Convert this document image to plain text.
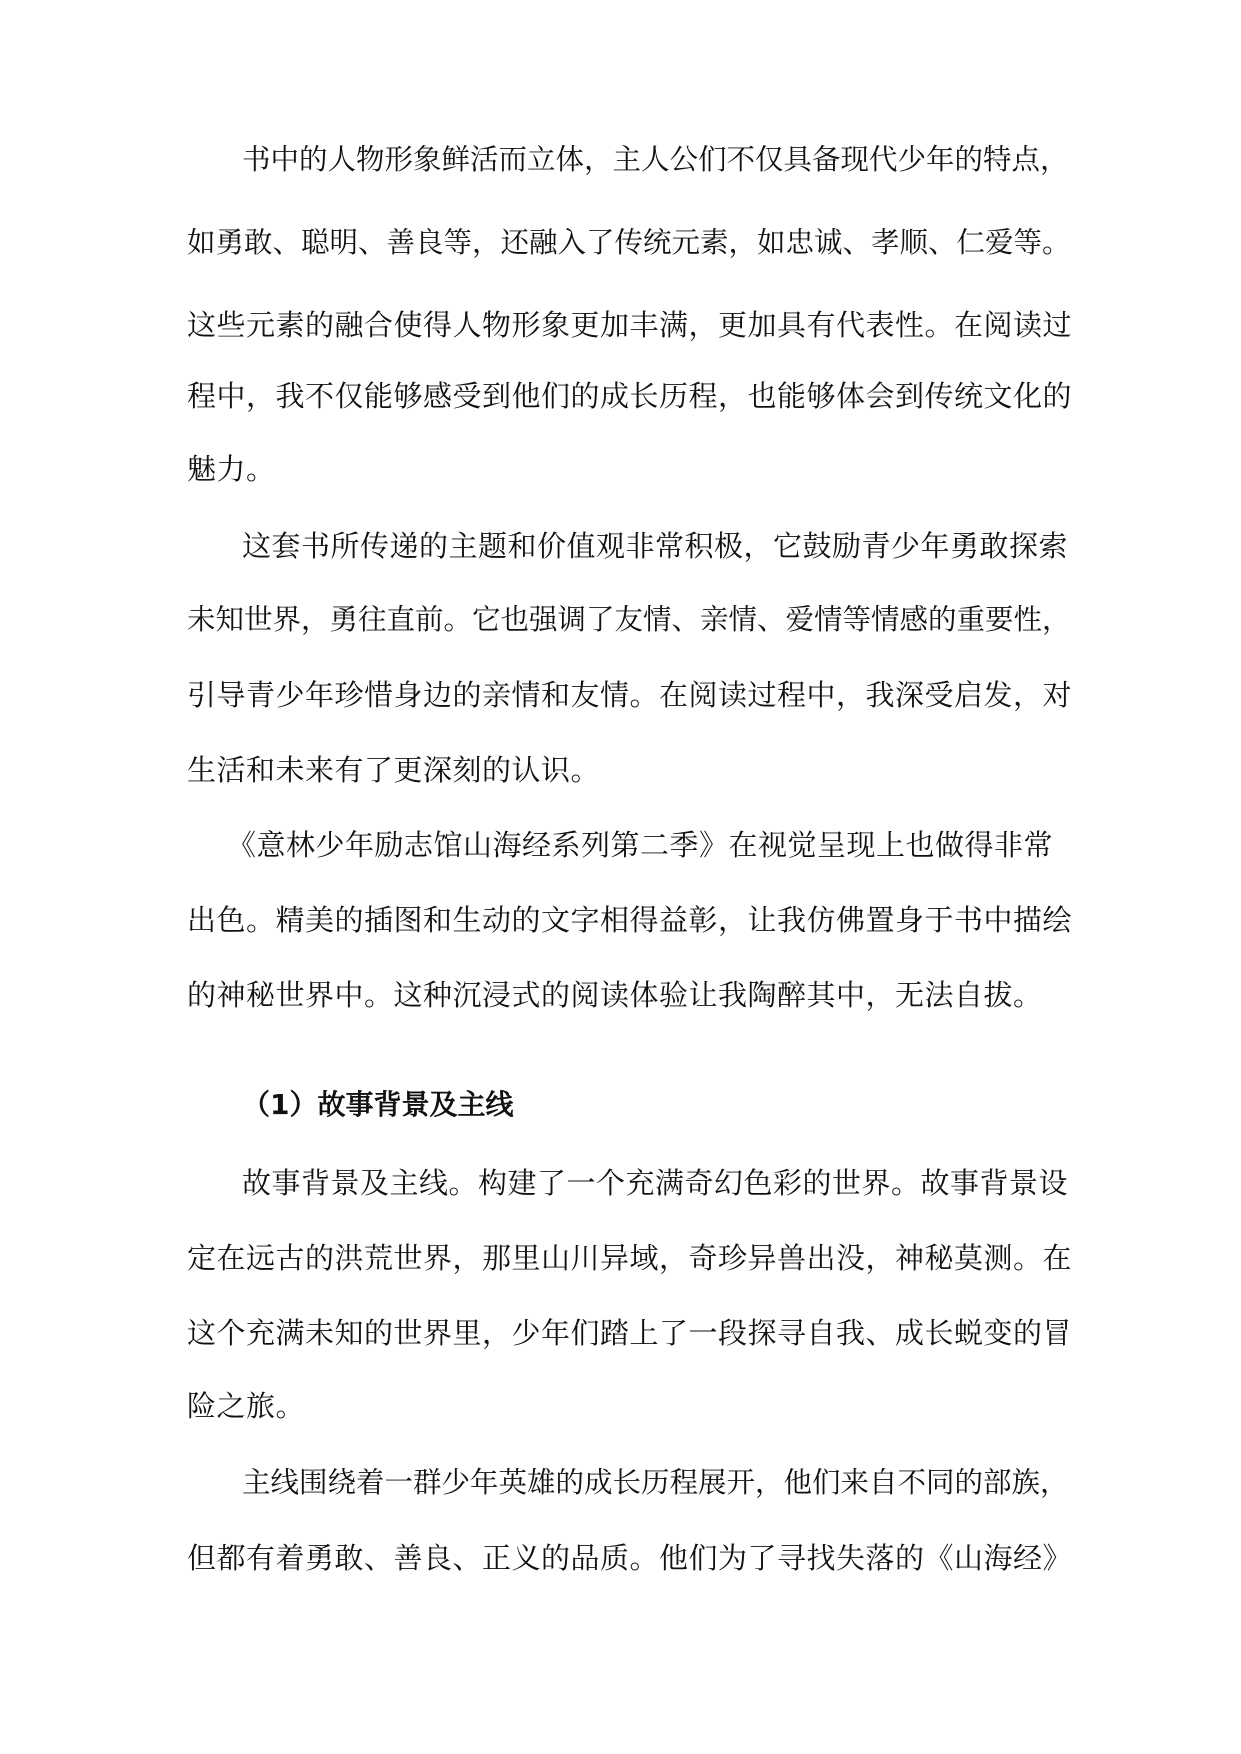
书中的人物形象鲜活而立体，主人公们不仅具备现代少年的特点，
如勇敢、聪明、善良等，还融入了传统元素，如忠诚、孝顺、仁爱等。
这些元素的融合使得人物形象更加丰满，更加具有代表性。在阅读过
程中，我不仅能够感受到他们的成长历程，也能够体会到传统文化的
魅力。
这套书所传递的主题和价值观非常积极，它鼓励青少年勇敢探索
未知世界，勇往直前。它也强调了友情、亲情、爱情等情感的重要性，
引导青少年珍惜身边的亲情和友情。在阅读过程中，我深受启发，对
生活和未来有了更深刻的认识。
《意林少年励志馆山海经系列第二季》在视觉呈现上也做得非常
出色。精美的插图和生动的文字相得益彰，让我仿佛置身于书中描绘
的神秘世界中。这种沉浸式的阅读体验让我陶醉其中，无法自拔。
（1）故事背景及主线
故事背景及主线。构建了一个充满奇幻色彩的世界。故事背景设
定在远古的洪荒世界，那里山川异域，奇珍异兽出没，神秘莫测。在
这个充满未知的世界里，少年们踏上了一段探寻自我、成长蜕变的冒
险之旅。
主线围绕着一群少年英雄的成长历程展开，他们来自不同的部族，
但都有着勇敢、善良、正义的品质。他们为了寻找失落的《山海经》
